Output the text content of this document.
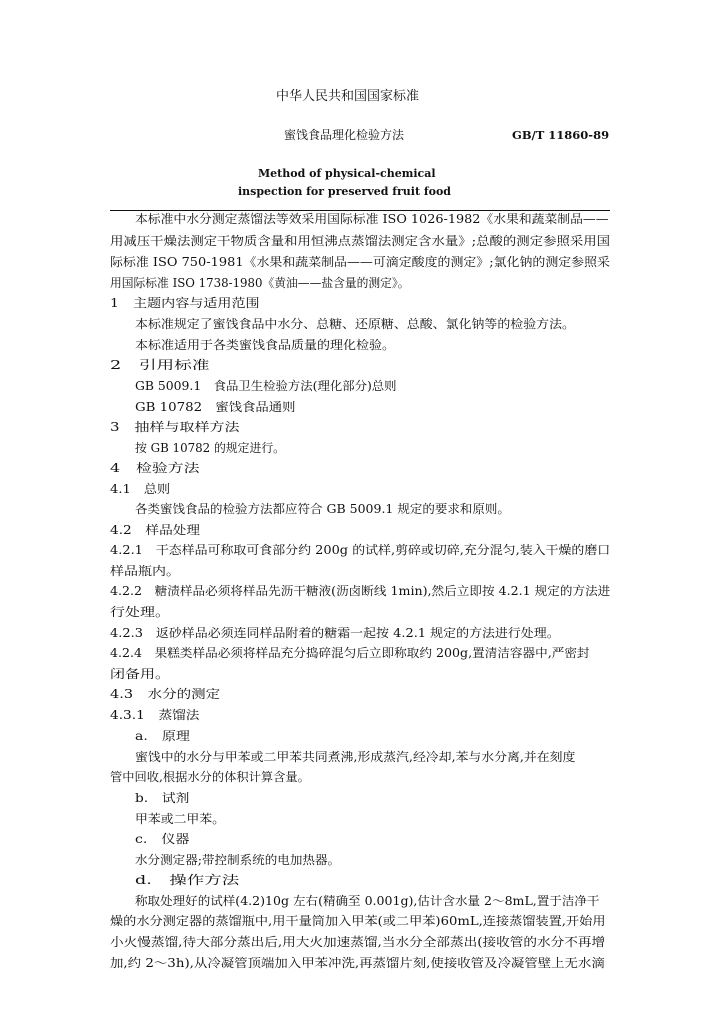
中华人民共和国国家标准
蜜饯食品理化检验方法	GB/T 11860-89
Method of physical-chemical
inspection for preserved fruit food
本标准中水分测定蒸馏法等效采用国际标准 ISO 1026-1982《水果和蔬菜制品——
用减压干燥法测定干物质含量和用恒沸点蒸馏法测定含水量》;总酸的测定参照采用国
际标准 ISO 750-1981《水果和蔬菜制品——可滴定酸度的测定》;氯化钠的测定参照采
用国际标准 ISO 1738-1980《黄油——盐含量的测定》。
1　主题内容与适用范围
本标准规定了蜜饯食品中水分、总糖、还原糖、总酸、氯化钠等的检验方法。
本标准适用于各类蜜饯食品质量的理化检验。
2　引用标准
GB 5009.1　食品卫生检验方法(理化部分)总则
GB 10782　蜜饯食品通则
3　抽样与取样方法
按 GB 10782 的规定进行。
4　检验方法
4.1　总则
各类蜜饯食品的检验方法都应符合 GB 5009.1 规定的要求和原则。
4.2　样品处理
4.2.1　干态样品可称取可食部分约 200g 的试样,剪碎或切碎,充分混匀,装入干燥的磨口
样品瓶内。
4.2.2　糖渍样品必须将样品先沥干糖液(沥卤断线 1min),然后立即按 4.2.1 规定的方法进
行处理。
4.2.3　返砂样品必须连同样品附着的糖霜一起按 4.2.1 规定的方法进行处理。
4.2.4　果糕类样品必须将样品充分捣碎混匀后立即称取约 200g,置清洁容器中,严密封
闭备用。
4.3　水分的测定
4.3.1　蒸馏法
a.　原理
蜜饯中的水分与甲苯或二甲苯共同煮沸,形成蒸汽,经冷却,苯与水分离,并在刻度
管中回收,根据水分的体积计算含量。
b.　试剂
甲苯或二甲苯。
c.　仪器
水分测定器;带控制系统的电加热器。
d.　操作方法
称取处理好的试样(4.2)10g 左右(精确至 0.001g),估计含水量 2～8mL,置于洁净干
燥的水分测定器的蒸馏瓶中,用干量筒加入甲苯(或二甲苯)60mL,连接蒸馏装置,开始用
小火慢蒸馏,待大部分蒸出后,用大火加速蒸馏,当水分全部蒸出(接收管的水分不再增
加,约 2～3h),从冷凝管顶端加入甲苯冲洗,再蒸馏片刻,使接收管及冷凝管壁上无水滴
